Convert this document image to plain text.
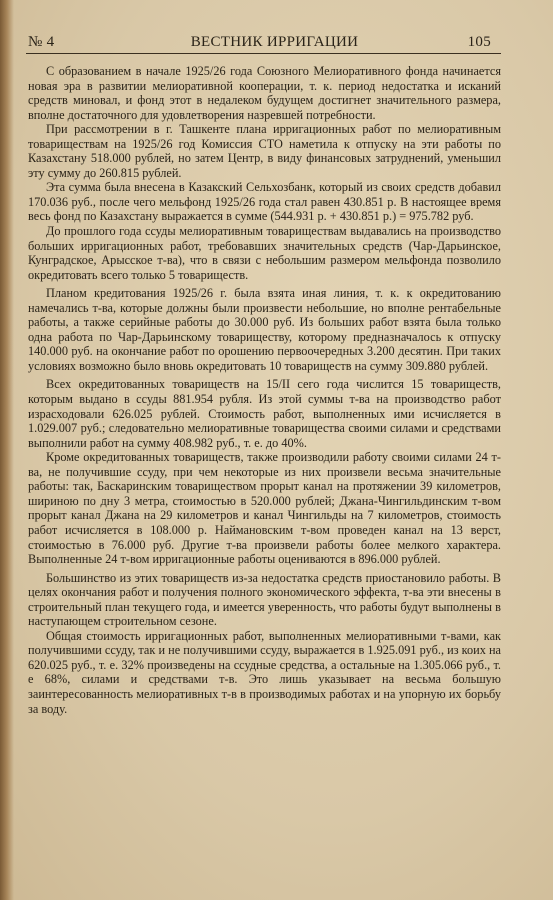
№ 4	ВЕСТНИК ИРРИГАЦИИ	105

С образованием в начале 1925/26 года Союзного Мелиоративного фонда начинается новая эра в развитии мелиоративной кооперации, т. к. период недостатка и исканий средств миновал, и фонд этот в недалеком будущем достигнет значительного размера, вполне достаточного для удовлетворения назревшей потребности.

При рассмотрении в г. Ташкенте плана ирригационных работ по мелиоративным товариществам на 1925/26 год Комиссия СТО наметила к отпуску на эти работы по Казахстану 518.000 рублей, но затем Центр, в виду финансовых затруднений, уменьшил эту сумму до 260.815 рублей.

Эта сумма была внесена в Казакский Сельхозбанк, который из своих средств добавил 170.036 руб., после чего мельфонд 1925/26 года стал равен 430.851 р. В настоящее время весь фонд по Казахстану выражается в сумме (544.931 р. + 430.851 р.) = 975.782 руб.

До прошлого года ссуды мелиоративным товариществам выдавались на производство больших ирригационных работ, требовавших значительных средств (Чар-Дарьинское, Кунградское, Арысское т-ва), что в связи с небольшим размером мельфонда позволило окредитовать всего только 5 товариществ.

Планом кредитования 1925/26 г. была взята иная линия, т. к. к окредитованию намечались т-ва, которые должны были произвести небольшие, но вполне рентабельные работы, а также серийные работы до 30.000 руб. Из больших работ взята была только одна работа по Чар-Дарьинскому товариществу, которому предназначалось к отпуску 140.000 руб. на окончание работ по орошению первоочередных 3.200 десятин. При таких условиях возможно было вновь окредитовать 10 товариществ на сумму 309.880 рублей.

Всех окредитованных товариществ на 15/II сего года числится 15 товариществ, которым выдано в ссуды 881.954 рубля. Из этой суммы т-ва на производство работ израсходовали 626.025 рублей. Стоимость работ, выполненных ими исчисляется в 1.029.007 руб.; следовательно мелиоративные товарищества своими силами и средствами выполнили работ на сумму 408.982 руб., т. е. до 40%.

Кроме окредитованных товариществ, также производили работу своими силами 24 т-ва, не получившие ссуду, при чем некоторые из них произвели весьма значительные работы: так, Баскаринским товариществом прорыт канал на протяжении 39 километров, шириною по дну 3 метра, стоимостью в 520.000 рублей; Джана-Чингильдинским т-вом прорыт канал Джана на 29 километров и канал Чингильды на 7 километров, стоимость работ исчисляется в 108.000 р. Наймановским т-вом проведен канал на 13 верст, стоимостью в 76.000 руб. Другие т-ва произвели работы более мелкого характера. Выполненные 24 т-вом ирригационные работы оцениваются в 896.000 рублей.

Большинство из этих товариществ из-за недостатка средств приостановило работы. В целях окончания работ и получения полного экономического эффекта, т-ва эти внесены в строительный план текущего года, и имеется уверенность, что работы будут выполнены в наступающем строительном сезоне.

Общая стоимость ирригационных работ, выполненных мелиоративными т-вами, как получившими ссуду, так и не получившими ссуду, выражается в 1.925.091 руб., из коих на 620.025 руб., т. е. 32% произведены на ссудные средства, а остальные на 1.305.066 руб., т. е 68%, силами и средствами т-в. Это лишь указывает на весьма большую заинтересованность мелиоративных т-в в производимых работах и на упорную их борьбу за воду.
